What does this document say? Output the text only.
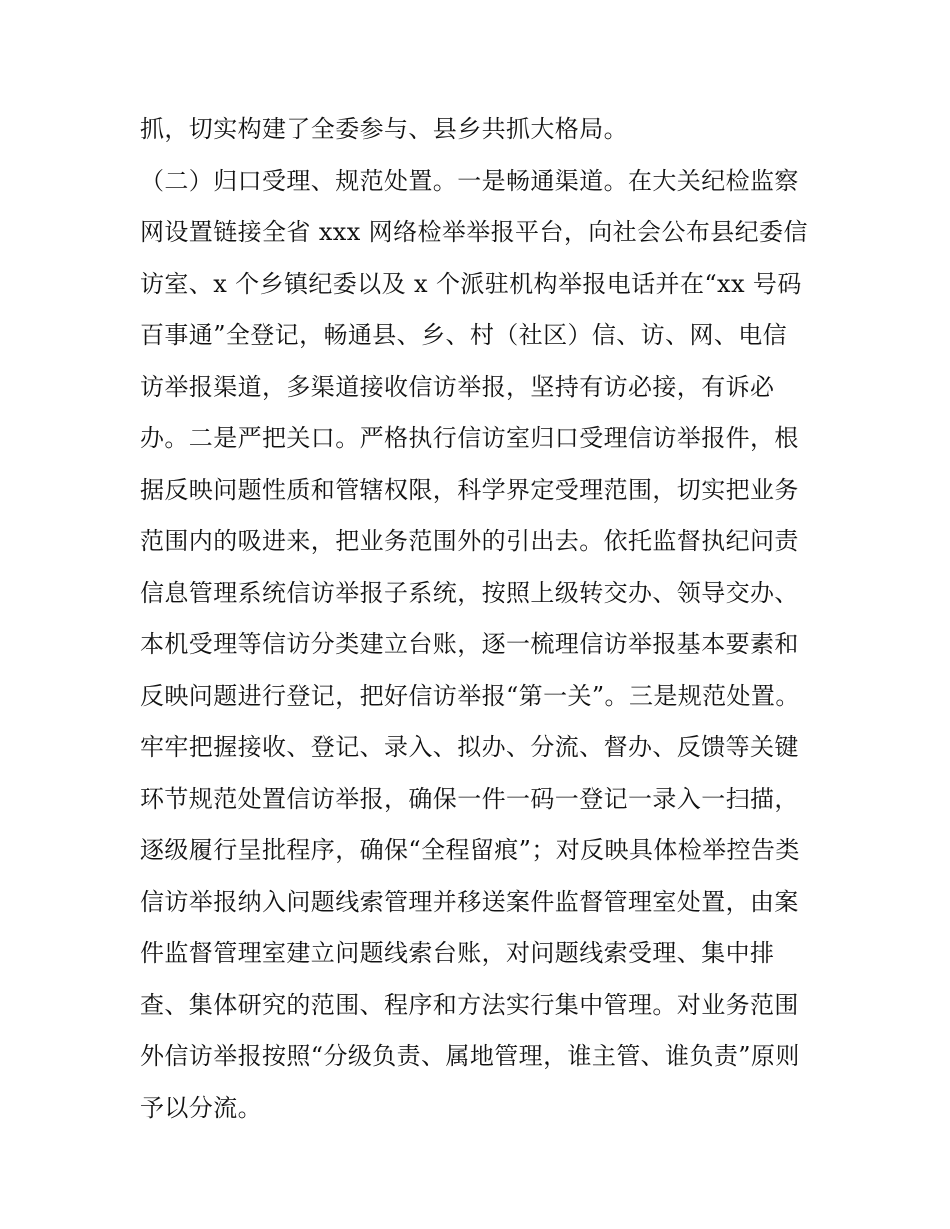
抓，切实构建了全委参与、县乡共抓大格局。
（二）归口受理、规范处置。一是畅通渠道。在大关纪检监察
网设置链接全省 xxx 网络检举举报平台，向社会公布县纪委信
访室、x 个乡镇纪委以及 x 个派驻机构举报电话并在“xx 号码
百事通”全登记，畅通县、乡、村（社区）信、访、网、电信
访举报渠道，多渠道接收信访举报，坚持有访必接，有诉必
办。二是严把关口。严格执行信访室归口受理信访举报件，根
据反映问题性质和管辖权限，科学界定受理范围，切实把业务
范围内的吸进来，把业务范围外的引出去。依托监督执纪问责
信息管理系统信访举报子系统，按照上级转交办、领导交办、
本机受理等信访分类建立台账，逐一梳理信访举报基本要素和
反映问题进行登记，把好信访举报“第一关”。三是规范处置。
牢牢把握接收、登记、录入、拟办、分流、督办、反馈等关键
环节规范处置信访举报，确保一件一码一登记一录入一扫描，
逐级履行呈批程序，确保“全程留痕”；对反映具体检举控告类
信访举报纳入问题线索管理并移送案件监督管理室处置，由案
件监督管理室建立问题线索台账，对问题线索受理、集中排
查、集体研究的范围、程序和方法实行集中管理。对业务范围
外信访举报按照“分级负责、属地管理，谁主管、谁负责”原则
予以分流。
